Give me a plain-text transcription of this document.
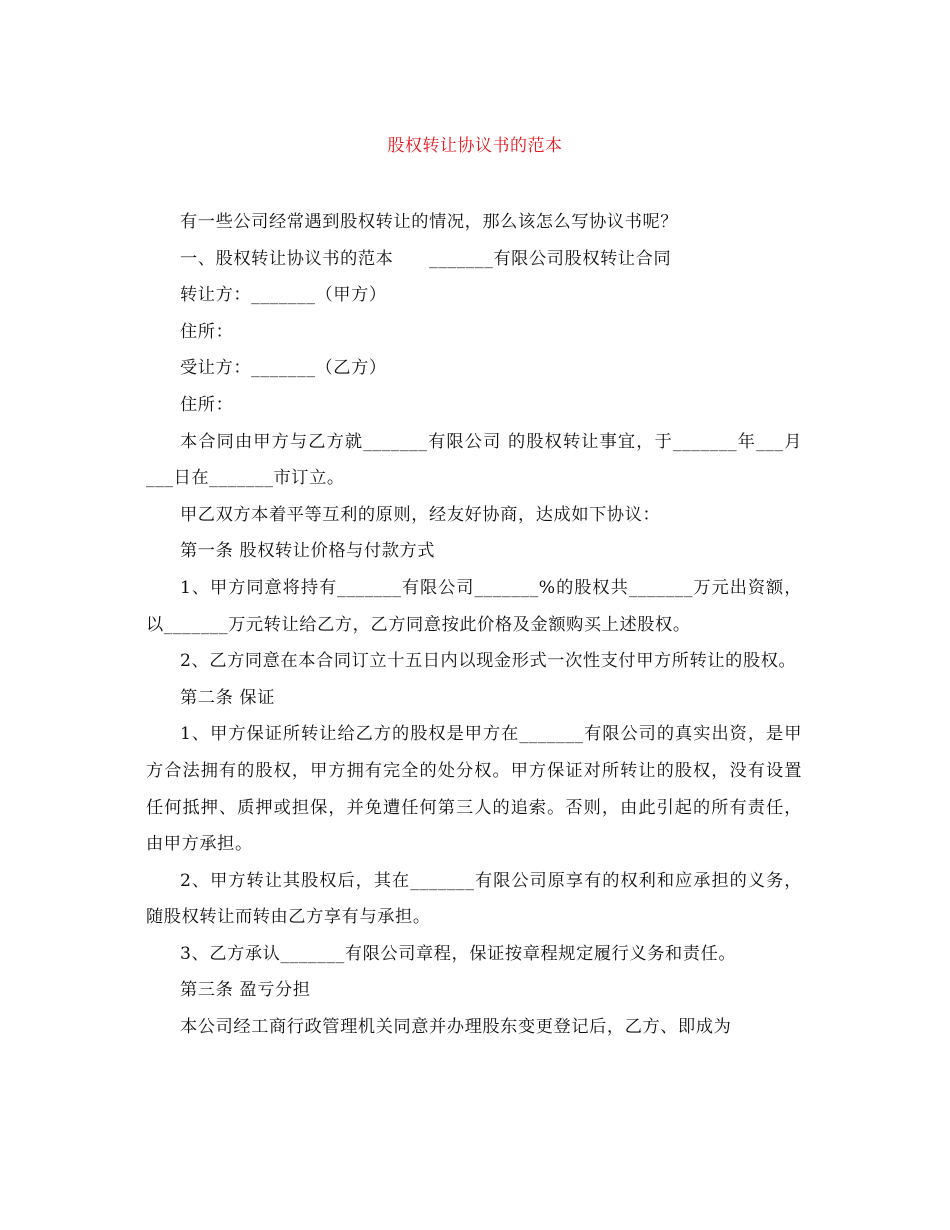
股权转让协议书的范本

有一些公司经常遇到股权转让的情况，那么该怎么写协议书呢？

一、股权转让协议书的范本　　_______有限公司股权转让合同

转让方：_______（甲方）

住所：

受让方：_______（乙方）

住所：

本合同由甲方与乙方就_______有限公司 的股权转让事宜，于_______年___月___日在_______市订立。

甲乙双方本着平等互利的原则，经友好协商，达成如下协议：

第一条 股权转让价格与付款方式

1、甲方同意将持有_______有限公司_______%的股权共_______万元出资额，以_______万元转让给乙方，乙方同意按此价格及金额购买上述股权。

2、乙方同意在本合同订立十五日内以现金形式一次性支付甲方所转让的股权。

第二条 保证

1、甲方保证所转让给乙方的股权是甲方在_______有限公司的真实出资，是甲方合法拥有的股权，甲方拥有完全的处分权。甲方保证对所转让的股权，没有设置任何抵押、质押或担保，并免遭任何第三人的追索。否则，由此引起的所有责任，由甲方承担。

2、甲方转让其股权后，其在_______有限公司原享有的权利和应承担的义务，随股权转让而转由乙方享有与承担。

3、乙方承认_______有限公司章程，保证按章程规定履行义务和责任。

第三条 盈亏分担

本公司经工商行政管理机关同意并办理股东变更登记后，乙方、即成为
